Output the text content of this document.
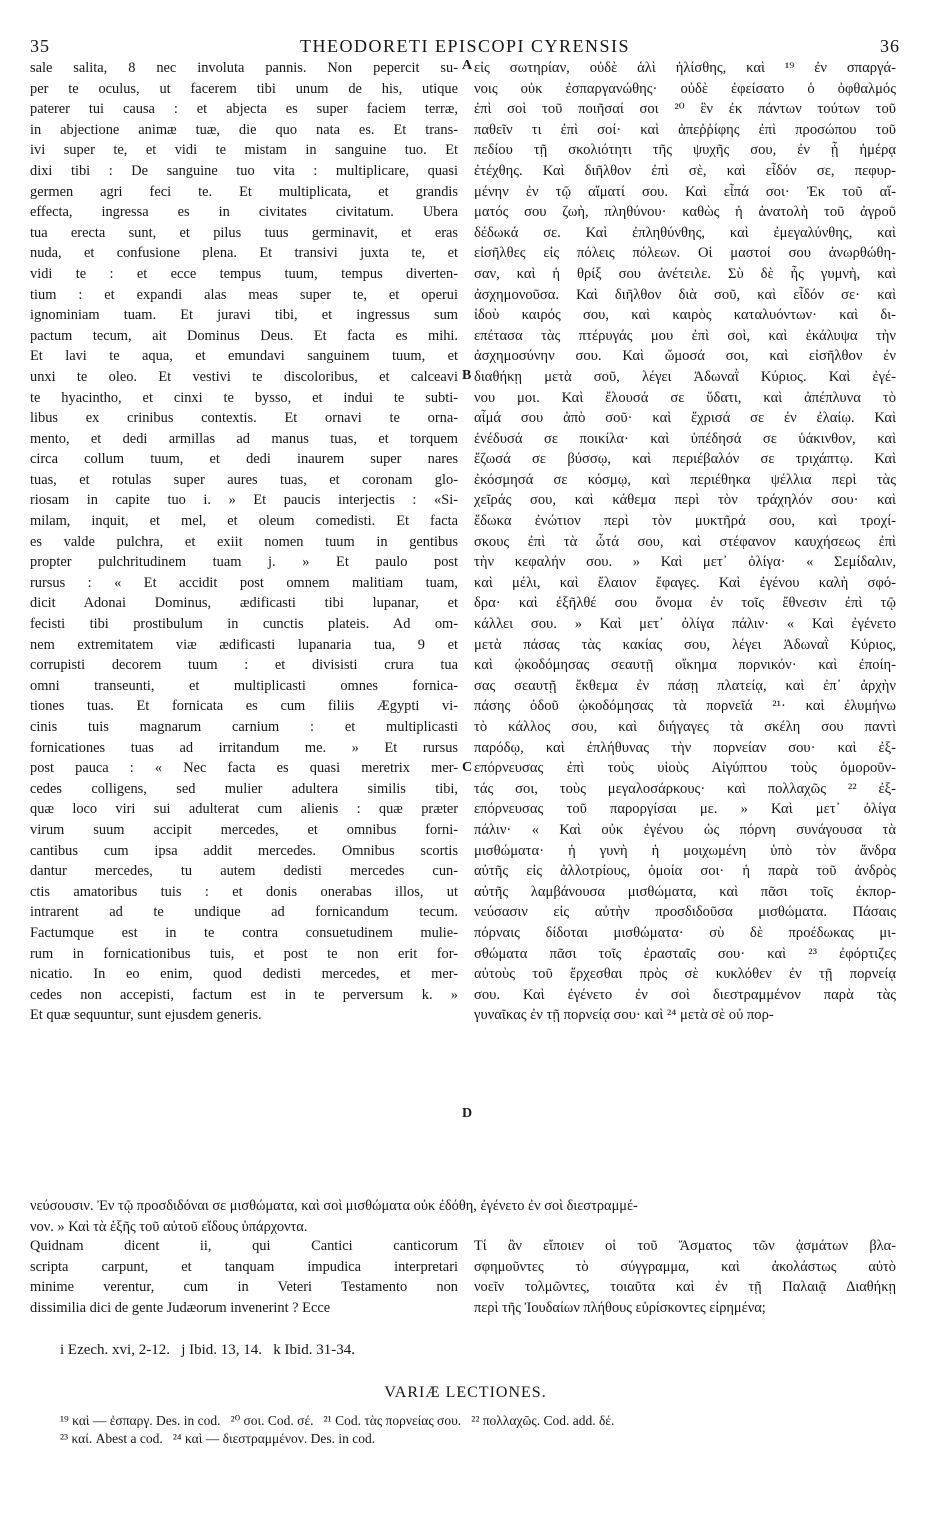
35	THEODORETI EPISCOPI CYRENSIS	36
sale salita, 8 nec involuta pannis. Non pepercit su-
per te oculus, ut facerem tibi unum de his, utique
paterer tui causa : et abjecta es super faciem terræ,
in abjectione animæ tuæ, die quo nata es. Et trans-
ivi super te, et vidi te mistam in sanguine tuo. Et
dixi tibi : De sanguine tuo vita : multiplicare, quasi
germen agri feci te. Et multiplicata, et grandis
effecta, ingressa es in civitates civitatum. Ubera
tua erecta sunt, et pilus tuus germinavit, et eras
nuda, et confusione plena. Et transivi juxta te, et
vidi te : et ecce tempus tuum, tempus diverten-
tium : et expandi alas meas super te, et operui
ignominiam tuam. Et juravi tibi, et ingressus sum
pactum tecum, ait Dominus Deus. Et facta es mihi.
Et lavi te aqua, et emundavi sanguinem tuum, et
unxi te oleo. Et vestivi te discoloribus, et calceavi
te hyacintho, et cinxi te bysso, et indui te subti-
libus ex crinibus contextis. Et ornavi te orna-
mento, et dedi armillas ad manus tuas, et torquem
circa collum tuum, et dedi inaurem super nares
tuas, et rotulas super aures tuas, et coronam glo-
riosam in capite tuo i. » Et paucis interjectis : «Si-
milam, inquit, et mel, et oleum comedisti. Et facta
es valde pulchra, et exiit nomen tuum in gentibus
propter pulchritudinem tuam j. » Et paulo post
rursus : « Et accidit post omnem malitiam tuam,
dicit Adonai Dominus, ædificasti tibi lupanar, et
fecisti tibi prostibulum in cunctis plateis. Ad om-
nem extremitatem viæ ædificasti lupanaria tua, 9 et
corrupisti decorem tuum : et divisisti crura tua
omni transeunti, et multiplicasti omnes fornica-
tiones tuas. Et fornicata es cum filiis Ægypti vi-
cinis tuis magnarum carnium : et multiplicasti
fornicationes tuas ad irritandum me. » Et rursus
post pauca : « Nec facta es quasi meretrix mer-
cedes colligens, sed mulier adultera similis tibi,
quæ loco viri sui adulterat cum alienis : quæ præter
virum suum accipit mercedes, et omnibus forni-
cantibus cum ipsa addit mercedes. Omnibus scortis
dantur mercedes, tu autem dedisti mercedes cun-
ctis amatoribus tuis : et donis onerabas illos, ut
intrarent ad te undique ad fornicandum tecum.
Factumque est in te contra consuetudinem mulie-
rum in fornicationibus tuis, et post te non erit for-
nicatio. In eo enim, quod dedisti mercedes, et mer-
cedes non accepisti, factum est in te perversum k. »
Et quæ sequuntur, sunt ejusdem generis.
εἰς σωτηρίαν, οὐδὲ ἁλὶ ἡλίσθης, καὶ ¹⁹ ἐν σπαργά-
νοις οὐκ ἐσπαργανώθης· οὐδὲ ἐφείσατο ὁ ὀφθαλμός
ἐπὶ σοὶ τοῦ ποιῆσαί σοι ²⁰ ἓν ἐκ πάντων τούτων τοῦ
παθεῖν τι ἐπὶ σοί· καὶ ἀπεῤῥίφης ἐπὶ προσώπου τοῦ
πεδίου τῇ σκολιότητι τῆς ψυχῆς σου, ἐν ᾗ ἡμέρᾳ
ἐτέχθης. Καὶ διῆλθον ἐπὶ σὲ, καὶ εἶδόν σε, πεφυρ-
μένην ἐν τῷ αἵματί σου. Καὶ εἶπά σοι· Ἐκ τοῦ αἵ-
ματός σου ζωὴ, πληθύνου· καθὼς ἡ ἀνατολὴ τοῦ ἀγροῦ
δέδωκά σε. Καὶ ἐπληθύνθης, καὶ ἐμεγαλύνθης, καὶ
εἰσῆλθες εἰς πόλεις πόλεων. Οἱ μαστοί σου ἀνωρθώθη-
σαν, καὶ ἡ θρίξ σου ἀνέτειλε. Σὺ δὲ ἦς γυμνὴ, καὶ
ἀσχημονοῦσα. Καὶ διῆλθον διὰ σοῦ, καὶ εἶδόν σε· καὶ
ἰδοὺ καιρός σου, καὶ καιρὸς καταλυόντων· καὶ δι-
επέτασα τὰς πτέρυγάς μου ἐπὶ σοὶ, καὶ ἐκάλυψα τὴν
ἀσχημοσύνην σου. Καὶ ὤμοσά σοι, καὶ εἰσῆλθον ἐν
διαθήκῃ μετὰ σοῦ, λέγει Ἀδωναῒ Κύριος. Καὶ ἐγέ-
νου μοι. Καὶ ἔλουσά σε ὕδατι, καὶ ἀπέπλυνα τὸ
αἷμά σου ἀπὸ σοῦ· καὶ ἔχρισά σε ἐν ἐλαίῳ. Καὶ
ἐνέδυσά σε ποικίλα· καὶ ὑπέδησά σε ὑάκινθον, καὶ
ἔζωσά σε βύσσῳ, καὶ περιέβαλόν σε τριχάπτῳ. Καὶ
ἐκόσμησά σε κόσμῳ, καὶ περιέθηκα ψέλλια περὶ τὰς
χεῖράς σου, καὶ κάθεμα περὶ τὸν τράχηλόν σου· καὶ
ἔδωκα ἐνώτιον περὶ τὸν μυκτῆρά σου, καὶ τροχί-
σκους ἐπὶ τὰ ὦτά σου, καὶ στέφανον καυχήσεως ἐπὶ
τὴν κεφαλήν σου. » Καὶ μετ᾽ ὀλίγα· « Σεμίδαλιν,
καὶ μέλι, καὶ ἔλαιον ἔφαγες. Καὶ ἐγένου καλὴ σφό-
δρα· καὶ ἐξῆλθέ σου ὄνομα ἐν τοῖς ἔθνεσιν ἐπὶ τῷ
κάλλει σου. » Καὶ μετ᾽ ὀλίγα πάλιν· « Καὶ ἐγένετο
μετὰ πάσας τὰς κακίας σου, λέγει Ἀδωναῒ Κύριος,
καὶ ᾠκοδόμησας σεαυτῇ οἴκημα πορνικόν· καὶ ἐποίη-
σας σεαυτῇ ἔκθεμα ἐν πάσῃ πλατείᾳ, καὶ ἐπ᾽ ἀρχὴν
πάσης ὁδοῦ ᾠκοδόμησας τὰ πορνεῖά ²¹· καὶ ἐλυμήνω
τὸ κάλλος σου, καὶ διήγαγες τὰ σκέλη σου παντὶ
παρόδῳ, καὶ ἐπλήθυνας τὴν πορνείαν σου· καὶ ἐξ-
επόρνευσας ἐπὶ τοὺς υἱοὺς Αἰγύπτου τοὺς ὁμοροῦν-
τάς σοι, τοὺς μεγαλοσάρκους· καὶ πολλαχῶς ²² ἐξ-
επόρνευσας τοῦ παροργίσαι με. » Καὶ μετ᾽ ὀλίγα
πάλιν· « Καὶ οὐκ ἐγένου ὡς πόρνη συνάγουσα τὰ
μισθώματα· ἡ γυνὴ ἡ μοιχωμένη ὑπὸ τὸν ἄνδρα
αὐτῆς εἰς ἀλλοτρίους, ὁμοία σοι· ἡ παρὰ τοῦ ἀνδρὸς
αὐτῆς λαμβάνουσα μισθώματα, καὶ πᾶσι τοῖς ἐκπορ-
νεύσασιν εἰς αὐτὴν προσδιδοῦσα μισθώματα. Πάσαις
πόρναις δίδοται μισθώματα· σὺ δὲ προέδωκας μι-
σθώματα πᾶσι τοῖς ἐρασταῖς σου· καὶ ²³ ἐφόρτιζες
αὐτοὺς τοῦ ἔρχεσθαι πρὸς σὲ κυκλόθεν ἐν τῇ πορνείᾳ
σου. Καὶ ἐγένετο ἐν σοὶ διεστραμμένον παρὰ τὰς
γυναῖκας ἐν τῇ πορνείᾳ σου· καὶ ²⁴ μετὰ σὲ οὐ πορ-
A
B
C
D
νεύσουσιν. Ἐν τῷ προσδιδόναι σε μισθώματα, καὶ σοὶ μισθώματα οὐκ ἐδόθη, ἐγένετο ἐν σοὶ διεστραμμέ-
νον. » Καὶ τὰ ἑξῆς τοῦ αὐτοῦ εἴδους ὑπάρχοντα.
Quidnam dicent ii, qui Cantici canticorum
scripta carpunt, et tanquam impudica interpretari
minime verentur, cum in Veteri Testamento non
dissimilia dici de gente Judæorum invenerint ? Ecce
Τί ἂν εἴποιεν οἱ τοῦ Ἄσματος τῶν ᾀσμάτων βλα-
σφημοῦντες τὸ σύγγραμμα, καὶ ἀκολάστως αὐτὸ
νοεῖν τολμῶντες, τοιαῦτα καὶ ἐν τῇ Παλαιᾷ Διαθήκῃ
περὶ τῆς Ἰουδαίων πλήθους εὑρίσκοντες εἰρημένα;
i Ezech. xvi, 2-12.   j Ibid. 13, 14.   k Ibid. 31-34.
VARIÆ LECTIONES.
¹⁹ καὶ — ἐσπαργ. Des. in cod.   ²⁰ σοι. Cod. σέ.   ²¹ Cod. τὰς πορνείας σου.   ²² πολλαχῶς. Cod. add. δέ.
²³ καί. Abest a cod.   ²⁴ καὶ — διεστραμμένον. Des. in cod.
